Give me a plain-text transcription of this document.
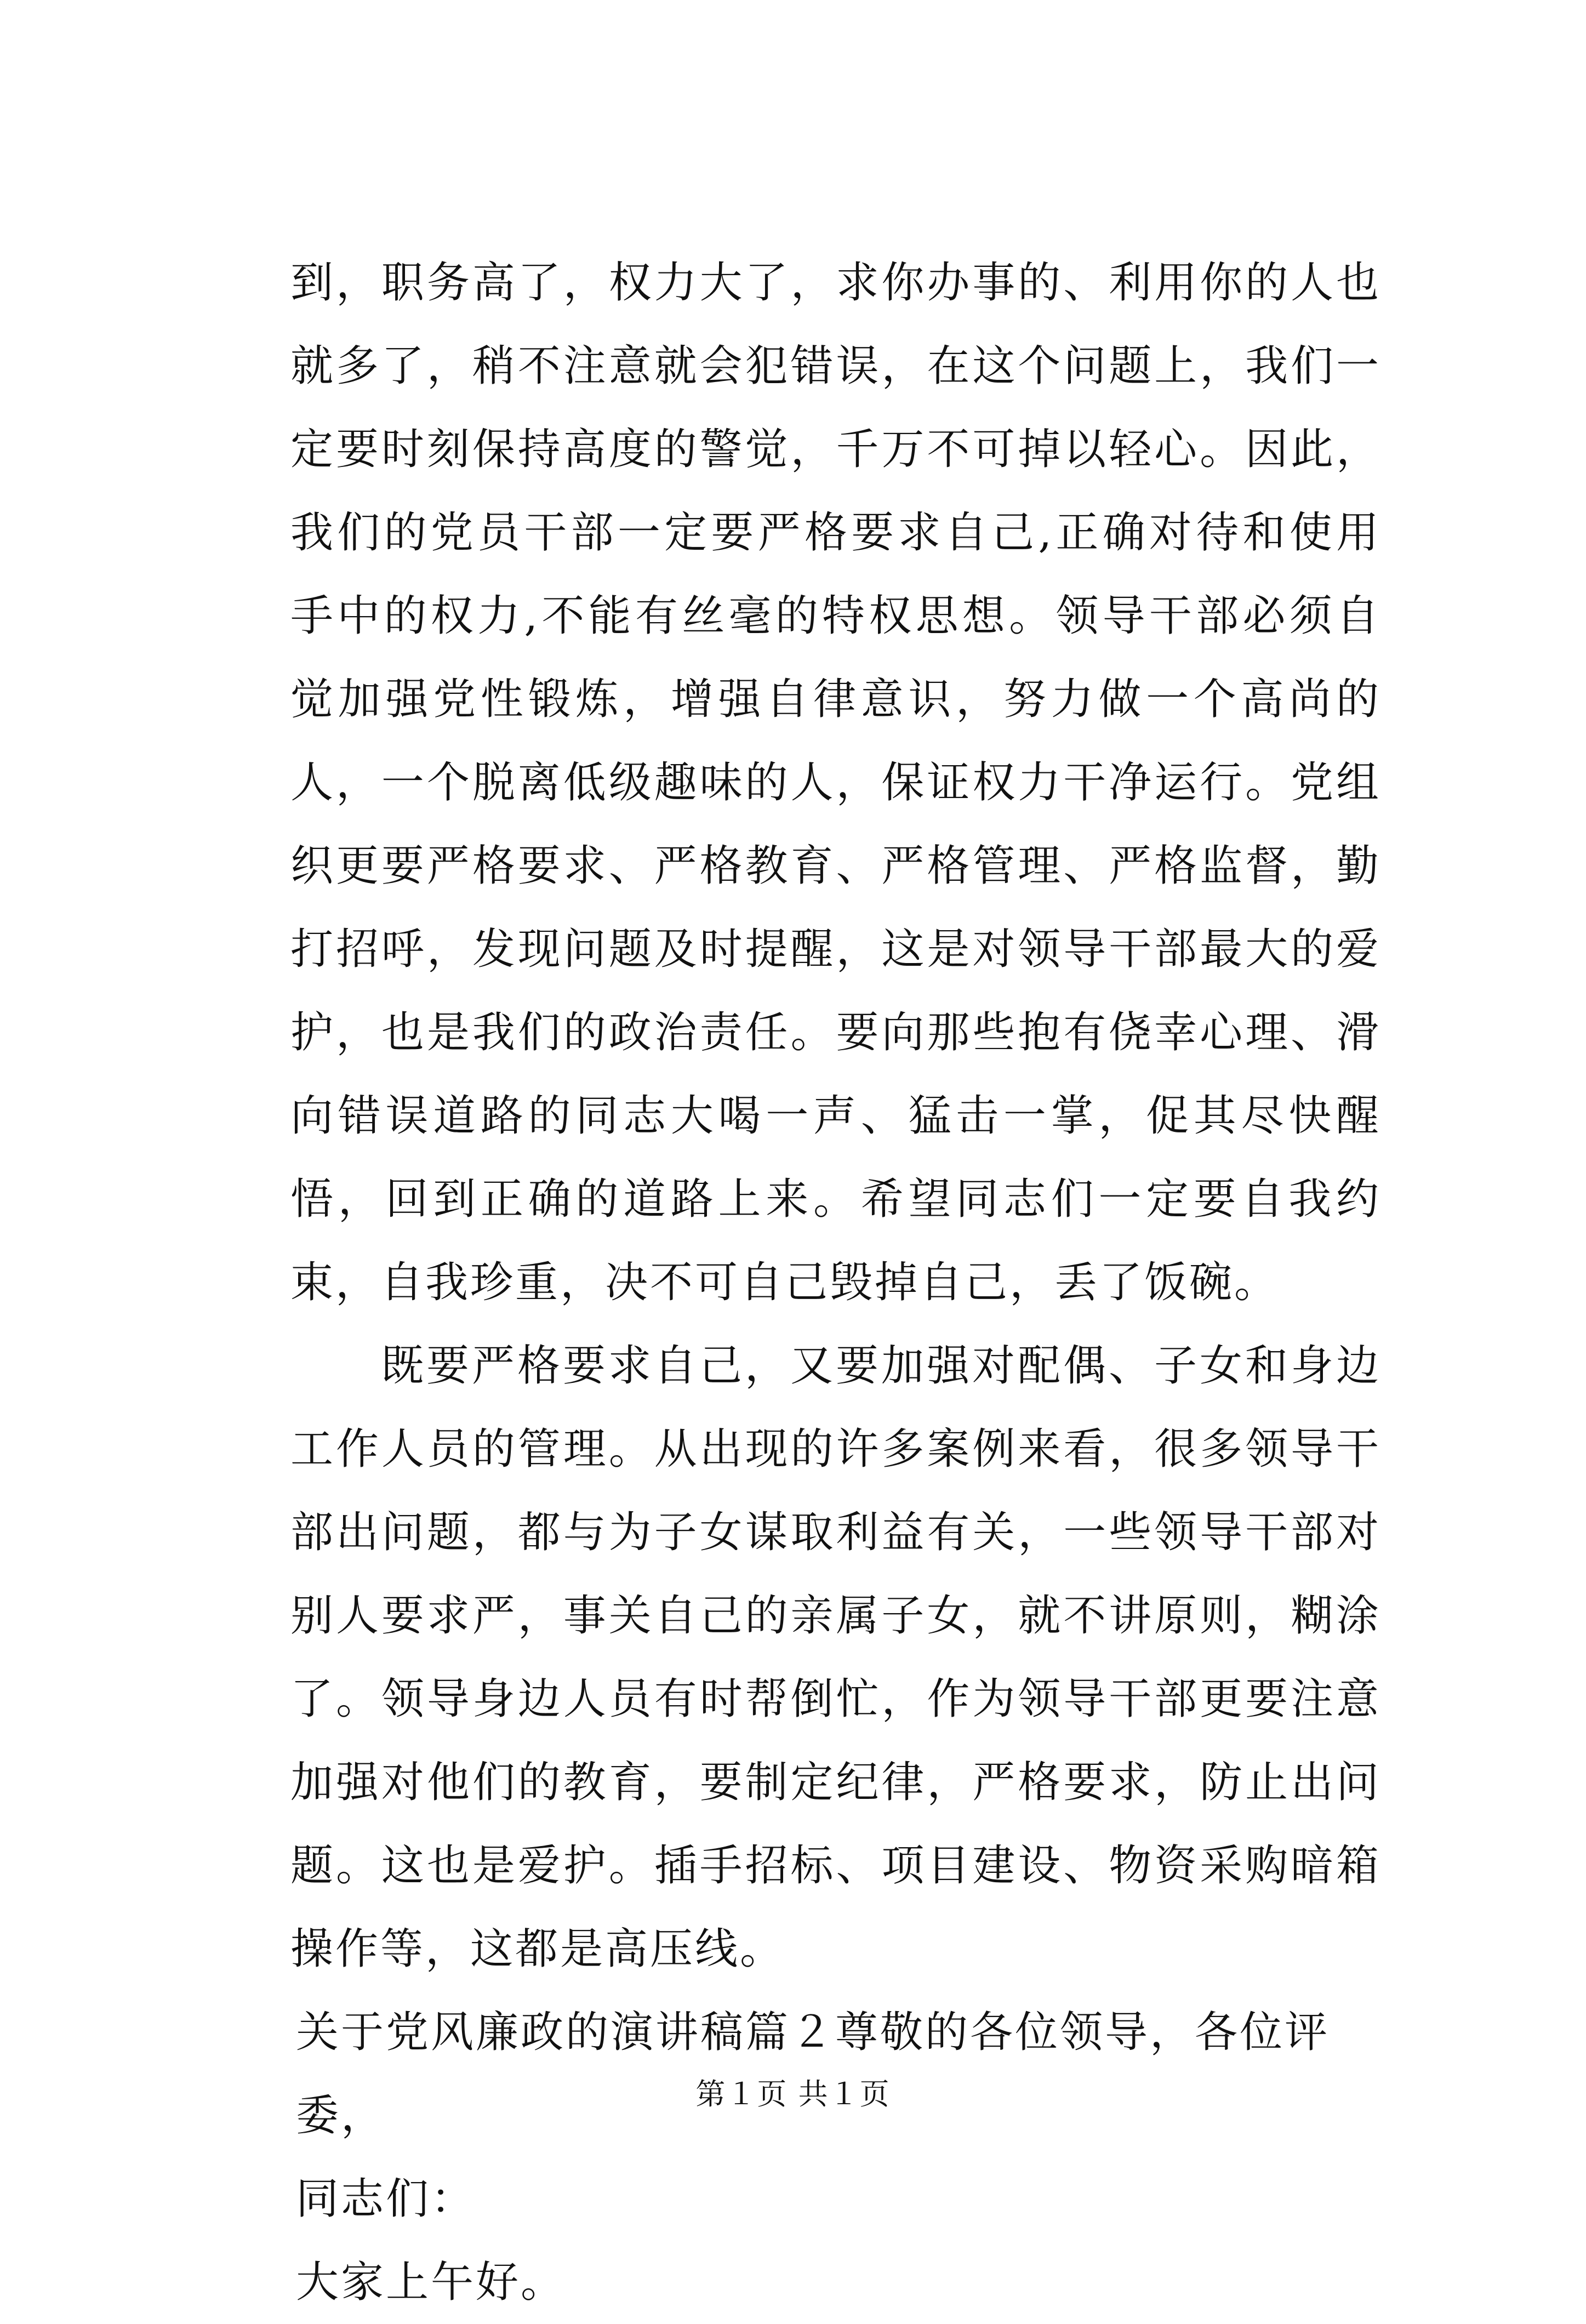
到，职务高了，权力大了，求你办事的、利用你的人也就多了，稍不注意就会犯错误，在这个问题上，我们一定要时刻保持高度的警觉，千万不可掉以轻心。因此，我们的党员干部一定要严格要求自己,正确对待和使用手中的权力,不能有丝毫的特权思想。领导干部必须自觉加强党性锻炼，增强自律意识，努力做一个高尚的人，一个脱离低级趣味的人，保证权力干净运行。党组织更要严格要求、严格教育、严格管理、严格监督，勤打招呼，发现问题及时提醒，这是对领导干部最大的爱护，也是我们的政治责任。要向那些抱有侥幸心理、滑向错误道路的同志大喝一声、猛击一掌，促其尽快醒悟，回到正确的道路上来。希望同志们一定要自我约束，自我珍重，决不可自己毁掉自己，丢了饭碗。

既要严格要求自己，又要加强对配偶、子女和身边工作人员的管理。从出现的许多案例来看，很多领导干部出问题，都与为子女谋取利益有关，一些领导干部对别人要求严，事关自己的亲属子女，就不讲原则，糊涂了。领导身边人员有时帮倒忙，作为领导干部更要注意加强对他们的教育，要制定纪律，严格要求，防止出问题。这也是爱护。插手招标、项目建设、物资采购暗箱操作等，这都是高压线。

关于党风廉政的演讲稿篇２尊敬的各位领导，各位评委，

同志们：

大家上午好。

第１页 共１页
